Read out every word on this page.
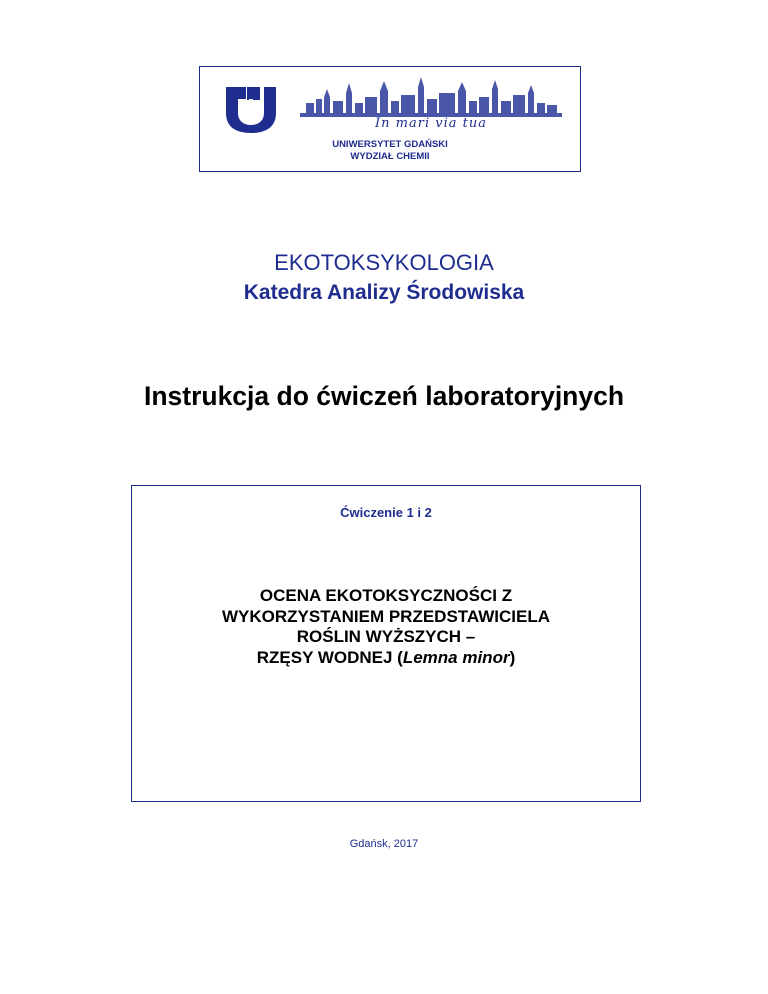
In mari via tua
UNIWERSYTET GDAŃSKI
WYDZIAŁ CHEMII
EKOTOKSYKOLOGIA
Katedra Analizy Środowiska
Instrukcja do ćwiczeń laboratoryjnych
Ćwiczenie 1 i 2
OCENA EKOTOKSYCZNOŚCI Z
WYKORZYSTANIEM PRZEDSTAWICIELA
ROŚLIN WYŻSZYCH –
RZĘSY WODNEJ (Lemna minor)
Gdańsk, 2017
